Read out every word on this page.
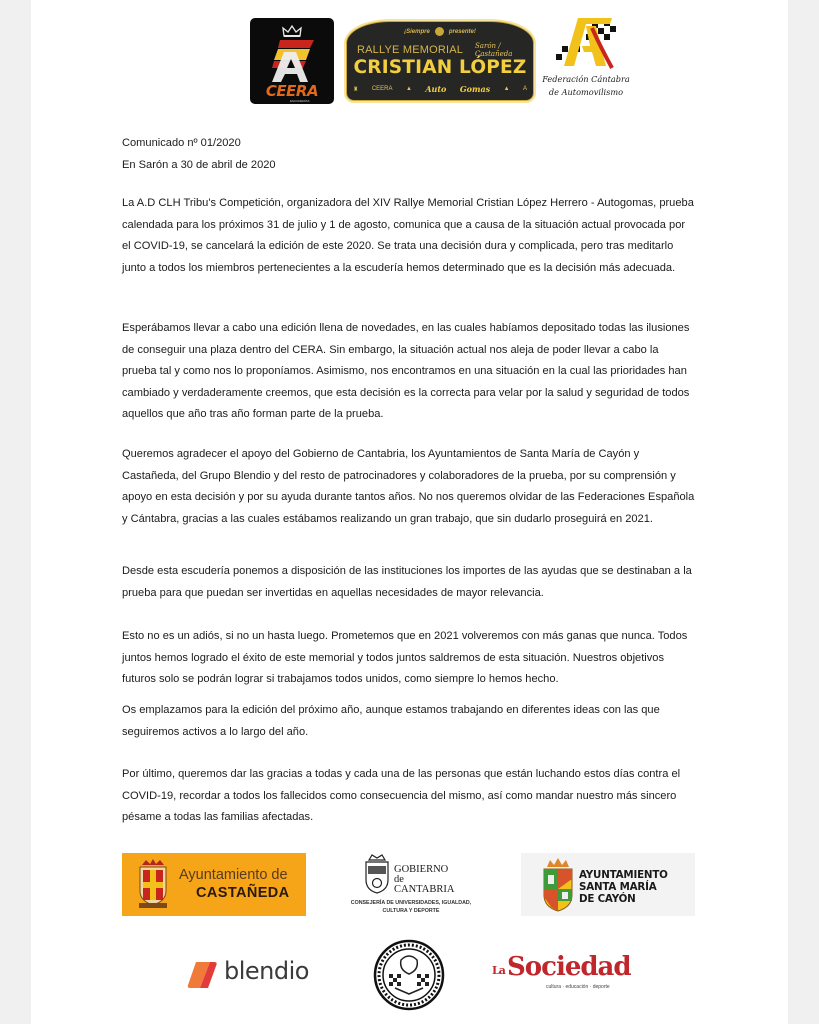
CEERA
ESCUDERÍAS
¡Siempre	presente!
RALLYE MEMORIAL Sarón / Castañeda
CRISTIAN LÓPEZ
♜ CEERA ▲ Auto Gomas ▲ A
Federación Cántabra
de Automovilismo

Comunicado nº 01/2020

En Sarón a 30 de abril de 2020

La A.D CLH Tribu's Competición, organizadora del XIV Rallye Memorial Cristian López Herrero - Autogomas, prueba calendada para los próximos 31 de julio y 1 de agosto, comunica que a causa de la situación actual provocada por el COVID-19, se cancelará la edición de este 2020. Se trata una decisión dura y complicada, pero tras meditarlo junto a todos los miembros pertenecientes a la escudería hemos determinado que es la decisión más adecuada.
Esperábamos llevar a cabo una edición llena de novedades, en las cuales habíamos depositado todas las ilusiones de conseguir una plaza dentro del CERA. Sin embargo, la situación actual nos aleja de poder llevar a cabo la prueba tal y como nos lo proponíamos. Asimismo, nos encontramos en una situación en la cual las prioridades han cambiado y verdaderamente creemos, que esta decisión es la correcta para velar por la salud y seguridad de todos aquellos que año tras año forman parte de la prueba.
Queremos agradecer el apoyo del Gobierno de Cantabria, los Ayuntamientos de Santa María de Cayón y Castañeda, del Grupo Blendio y del resto de patrocinadores y colaboradores de la prueba, por su comprensión y apoyo en esta decisión y por su ayuda durante tantos años. No nos queremos olvidar de las Federaciones Española y Cántabra, gracias a las cuales estábamos realizando un gran trabajo, que sin dudarlo proseguirá en 2021.
Desde esta escudería ponemos a disposición de las instituciones los importes de las ayudas que se destinaban a la prueba para que puedan ser invertidas en aquellas necesidades de mayor relevancia.
Esto no es un adiós, si no un hasta luego. Prometemos que en 2021 volveremos con más ganas que nunca. Todos juntos hemos logrado el éxito de este memorial y todos juntos saldremos de esta situación. Nuestros objetivos futuros solo se podrán lograr si trabajamos todos unidos, como siempre lo hemos hecho.
Os emplazamos para la edición del próximo año, aunque estamos trabajando en diferentes ideas con las que seguiremos activos a lo largo del año.
Por último, queremos dar las gracias a todas y cada una de las personas que están luchando estos días contra el COVID-19, recordar a todos los fallecidos como consecuencia del mismo, así como mandar nuestro más sincero pésame a todas las familias afectadas.
Ayuntamiento de
CASTAÑEDA
GOBIERNO
de
CANTABRIA
CONSEJERÍA DE UNIVERSIDADES, IGUALDAD,
CULTURA Y DEPORTE
AYUNTAMIENTO
SANTA MARÍA
DE CAYÓN
blendio	La Sociedad
cultura · educación · deporte
